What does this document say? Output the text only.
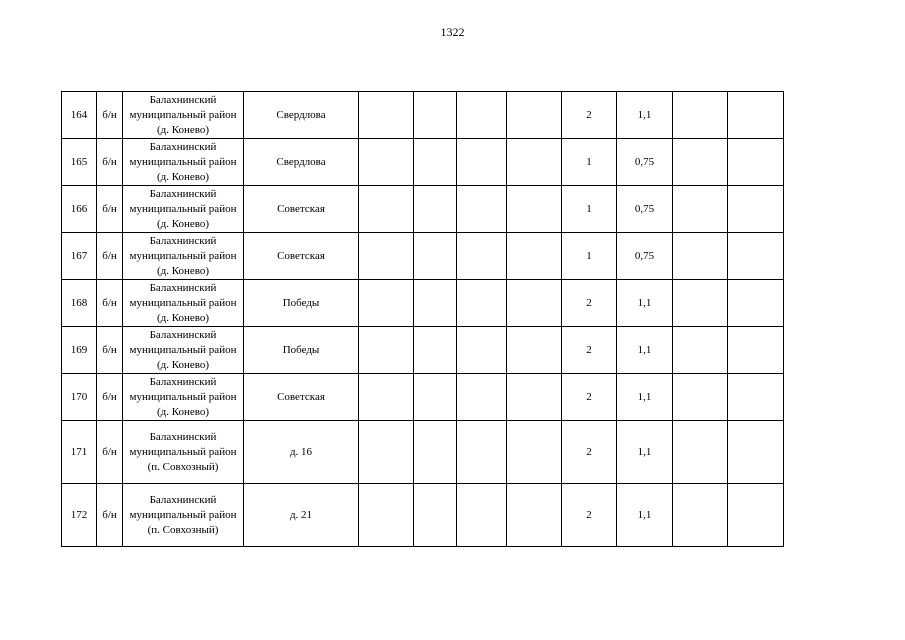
1322
164	б/н	Балахнинский
муниципальный район
(д. Конево)	Свердлова					2	1,1		
165	б/н	Балахнинский
муниципальный район
(д. Конево)	Свердлова					1	0,75		
166	б/н	Балахнинский
муниципальный район
(д. Конево)	Советская					1	0,75		
167	б/н	Балахнинский
муниципальный район
(д. Конево)	Советская					1	0,75		
168	б/н	Балахнинский
муниципальный район
(д. Конево)	Победы					2	1,1		
169	б/н	Балахнинский
муниципальный район
(д. Конево)	Победы					2	1,1		
170	б/н	Балахнинский
муниципальный район
(д. Конево)	Советская					2	1,1		
171	б/н	Балахнинский
муниципальный район
(п. Совхозный)	д. 16					2	1,1		
172	б/н	Балахнинский
муниципальный район
(п. Совхозный)	д. 21					2	1,1		
